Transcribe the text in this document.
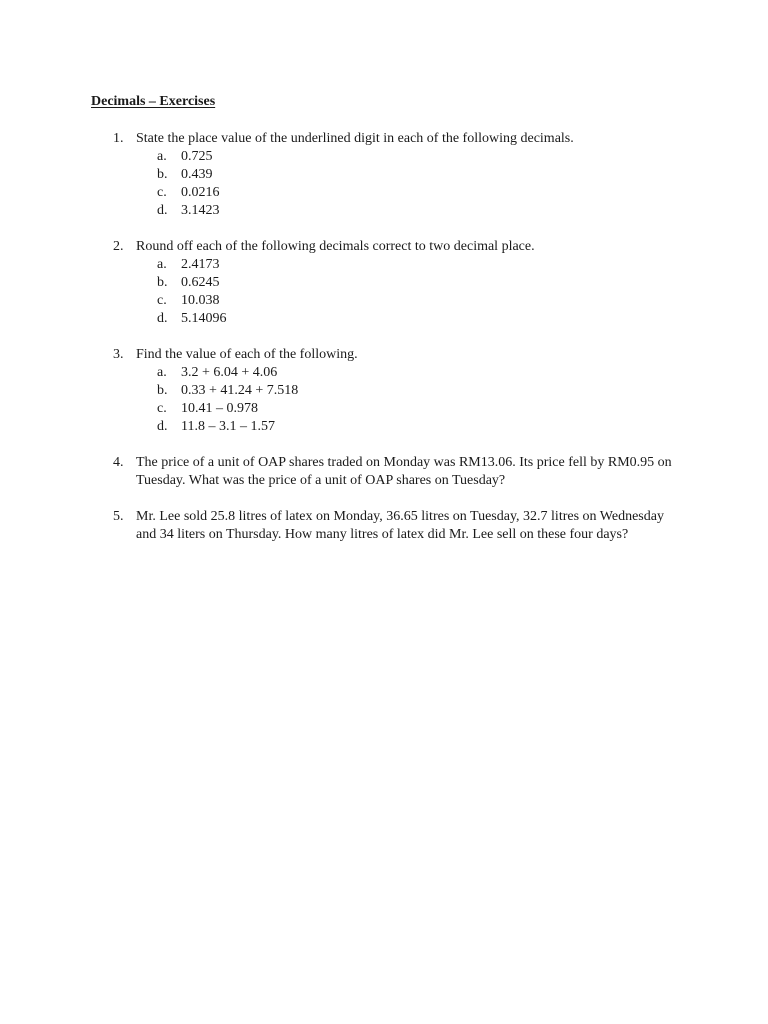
Decimals – Exercises
1. State the place value of the underlined digit in each of the following decimals.
a. 0.725
b. 0.439
c. 0.0216
d. 3.1423
2. Round off each of the following decimals correct to two decimal place.
a. 2.4173
b. 0.6245
c. 10.038
d. 5.14096
3. Find the value of each of the following.
a. 3.2 + 6.04 + 4.06
b. 0.33 + 41.24 + 7.518
c. 10.41 – 0.978
d. 11.8 – 3.1 – 1.57
4. The price of a unit of OAP shares traded on Monday was RM13.06. Its price fell by RM0.95 on Tuesday. What was the price of a unit of OAP shares on Tuesday?
5. Mr. Lee sold 25.8 litres of latex on Monday, 36.65 litres on Tuesday, 32.7 litres on Wednesday and 34 liters on Thursday. How many litres of latex did Mr. Lee sell on these four days?
